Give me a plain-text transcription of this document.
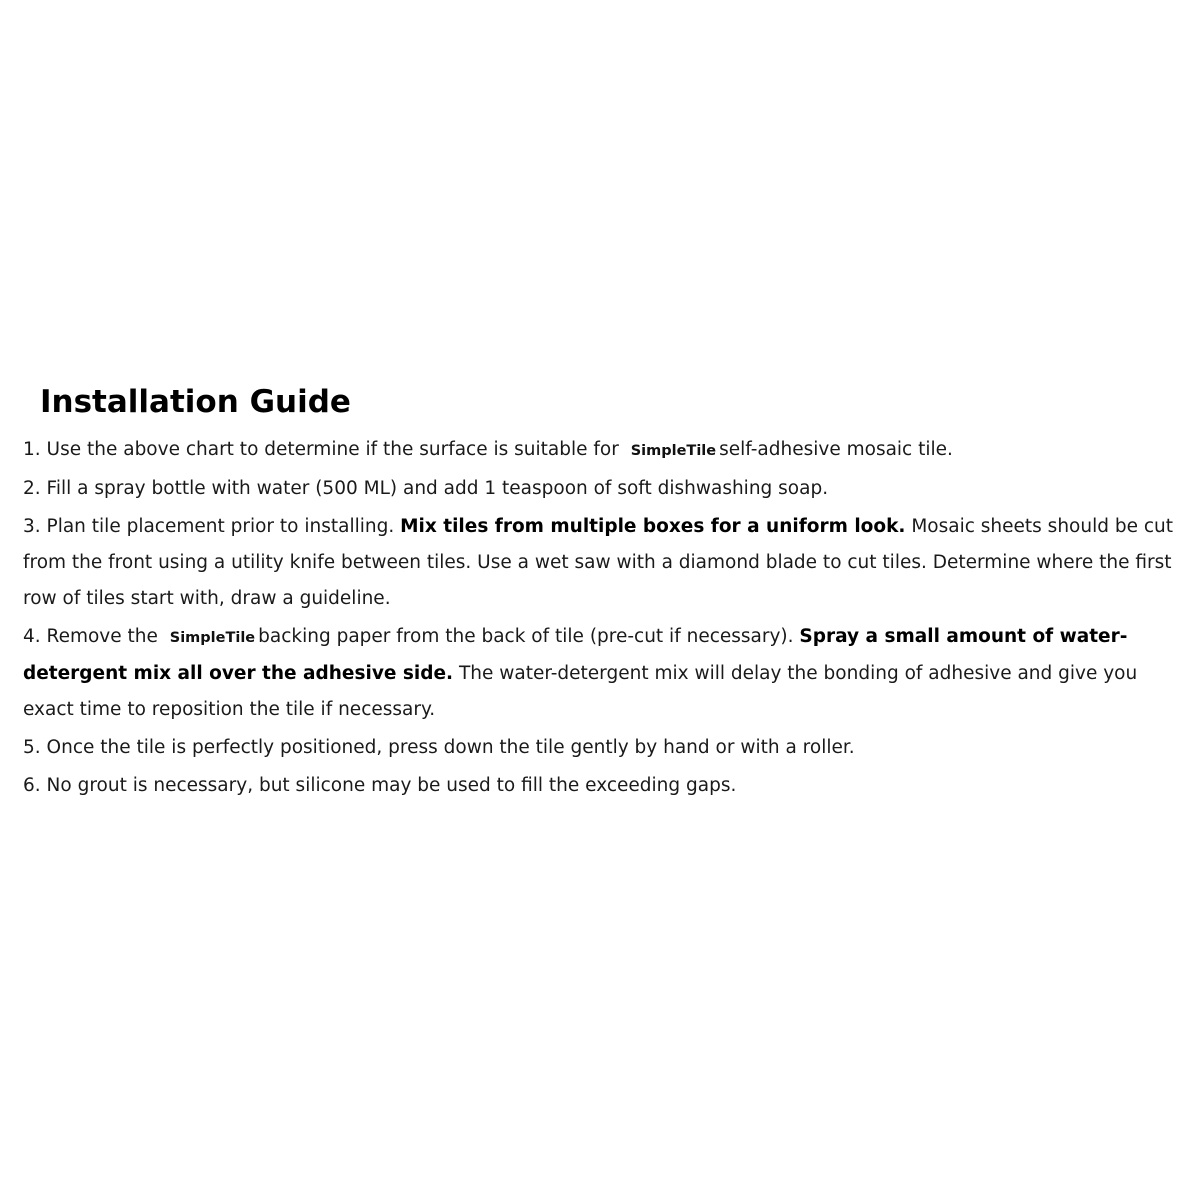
Installation Guide
1. Use the above chart to determine if the surface is suitable for SimpleTile self-adhesive mosaic tile.
2. Fill a spray bottle with water (500 ML) and add 1 teaspoon of soft dishwashing soap.
3. Plan tile placement prior to installing. Mix tiles from multiple boxes for a uniform look. Mosaic sheets should be cut from the front using a utility knife between tiles. Use a wet saw with a diamond blade to cut tiles. Determine where the first row of tiles start with, draw a guideline.
4. Remove the SimpleTile backing paper from the back of tile (pre-cut if necessary). Spray a small amount of water-detergent mix all over the adhesive side. The water-detergent mix will delay the bonding of adhesive and give you exact time to reposition the tile if necessary.
5. Once the tile is perfectly positioned, press down the tile gently by hand or with a roller.
6. No grout is necessary, but silicone may be used to fill the exceeding gaps.
